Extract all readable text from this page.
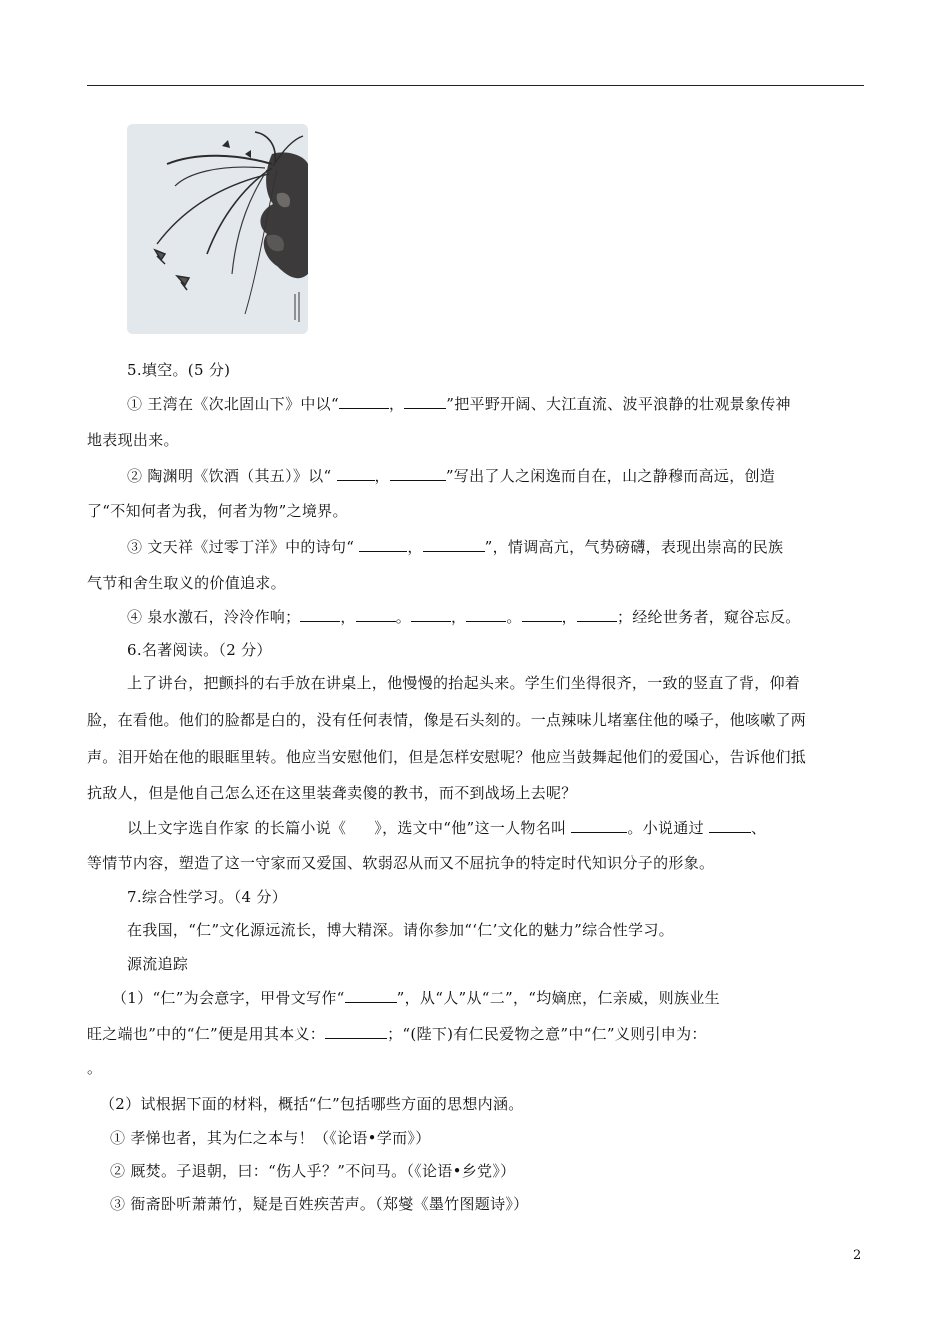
5.填空。(5 分)
① 王湾在《次北固山下》中以“	，	”把平野开阔、大江直流、波平浪静的壮观景象传神
地表现出来。
② 陶渊明《饮酒（其五）》以“	，	”写出了人之闲逸而自在，山之静穆而高远，创造
了“不知何者为我，何者为物”之境界。
③ 文天祥《过零丁洋》中的诗句“	，	”，情调高亢，气势磅礴，表现出崇高的民族
气节和舍生取义的价值追求。
④ 泉水激石，泠泠作响；	，	。	，	。	，	；经纶世务者，窥谷忘反。
6.名著阅读。（2 分）
上了讲台，把颤抖的右手放在讲桌上，他慢慢的抬起头来。学生们坐得很齐，一致的竖直了背，仰着
脸，在看他。他们的脸都是白的，没有任何表情，像是石头刻的。一点辣味儿堵塞住他的嗓子，他咳嗽了两
声。泪开始在他的眼眶里转。他应当安慰他们，但是怎样安慰呢？他应当鼓舞起他们的爱国心，告诉他们抵
抗敌人，但是他自己怎么还在这里装聋卖傻的教书，而不到战场上去呢？
以上文字选自作家 的长篇小说《 》，选文中“他”这一人物名叫	。小说通过	、
等情节内容，塑造了这一守家而又爱国、软弱忍从而又不屈抗争的特定时代知识分子的形象。
7.综合性学习。（4 分）
在我国，“仁”文化源远流长，博大精深。请你参加“‘仁’文化的魅力”综合性学习。
源流追踪
（1）“仁”为会意字，甲骨文写作“	”，从“人”从“二”，“均嫡庶，仁亲威，则族业生
旺之端也”中的“仁”便是用其本义：	；“(陛下)有仁民爱物之意”中“仁”义则引申为：
。
（2）试根据下面的材料，概括“仁”包括哪些方面的思想内涵。
① 孝悌也者，其为仁之本与！（《论语•学而》）
② 厩焚。子退朝，曰：“伤人乎？”不问马。（《论语•乡党》）
③ 衙斋卧听萧萧竹，疑是百姓疾苦声。（郑燮《墨竹图题诗》）
2
